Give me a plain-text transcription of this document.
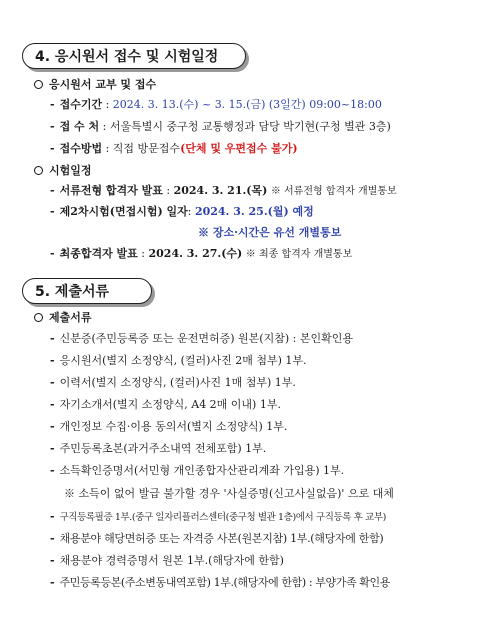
4. 응시원서 접수 및 시험일정
응시원서 교부 및 접수
- 접수기간 : 2024. 3. 13.(수) ~ 3. 15.(금) (3일간) 09:00~18:00
- 접 수 처 : 서울특별시 중구청 교통행정과 담당 박기현(구청 별관 3층)
- 접수방법 : 직접 방문접수(단체 및 우편접수 불가)
시험일정
- 서류전형 합격자 발표 : 2024. 3. 21.(목) ※ 서류전형 합격자 개별통보
- 제2차시험(면접시험) 일자: 2024. 3. 25.(월) 예정
※ 장소·시간은 유선 개별통보
- 최종합격자 발표 : 2024. 3. 27.(수) ※ 최종 합격자 개별통보
5. 제출서류
제출서류
- 신분증(주민등록증 또는 운전면허증) 원본(지참) : 본인확인용
- 응시원서(별지 소정양식, (컬러)사진 2매 첨부) 1부.
- 이력서(별지 소정양식, (컬러)사진 1매 첨부) 1부.
- 자기소개서(별지 소정양식, A4 2매 이내) 1부.
- 개인정보 수집·이용 동의서(별지 소정양식) 1부.
- 주민등록초본(과거주소내역 전체포함) 1부.
- 소득확인증명서(서민형 개인종합자산관리계좌 가입용) 1부.
※ 소득이 없어 발급 불가할 경우 '사실증명(신고사실없음)' 으로 대체
- 구직등록필증 1부.(중구 일자리플러스센터(중구청 별관 1층)에서 구직등록 후 교부)
- 채용분야 해당면허증 또는 자격증 사본(원본지참) 1부.(해당자에 한함)
- 채용분야 경력증명서 원본 1부.(해당자에 한함)
- 주민등록등본(주소변동내역포함) 1부.(해당자에 한함) : 부양가족 확인용
